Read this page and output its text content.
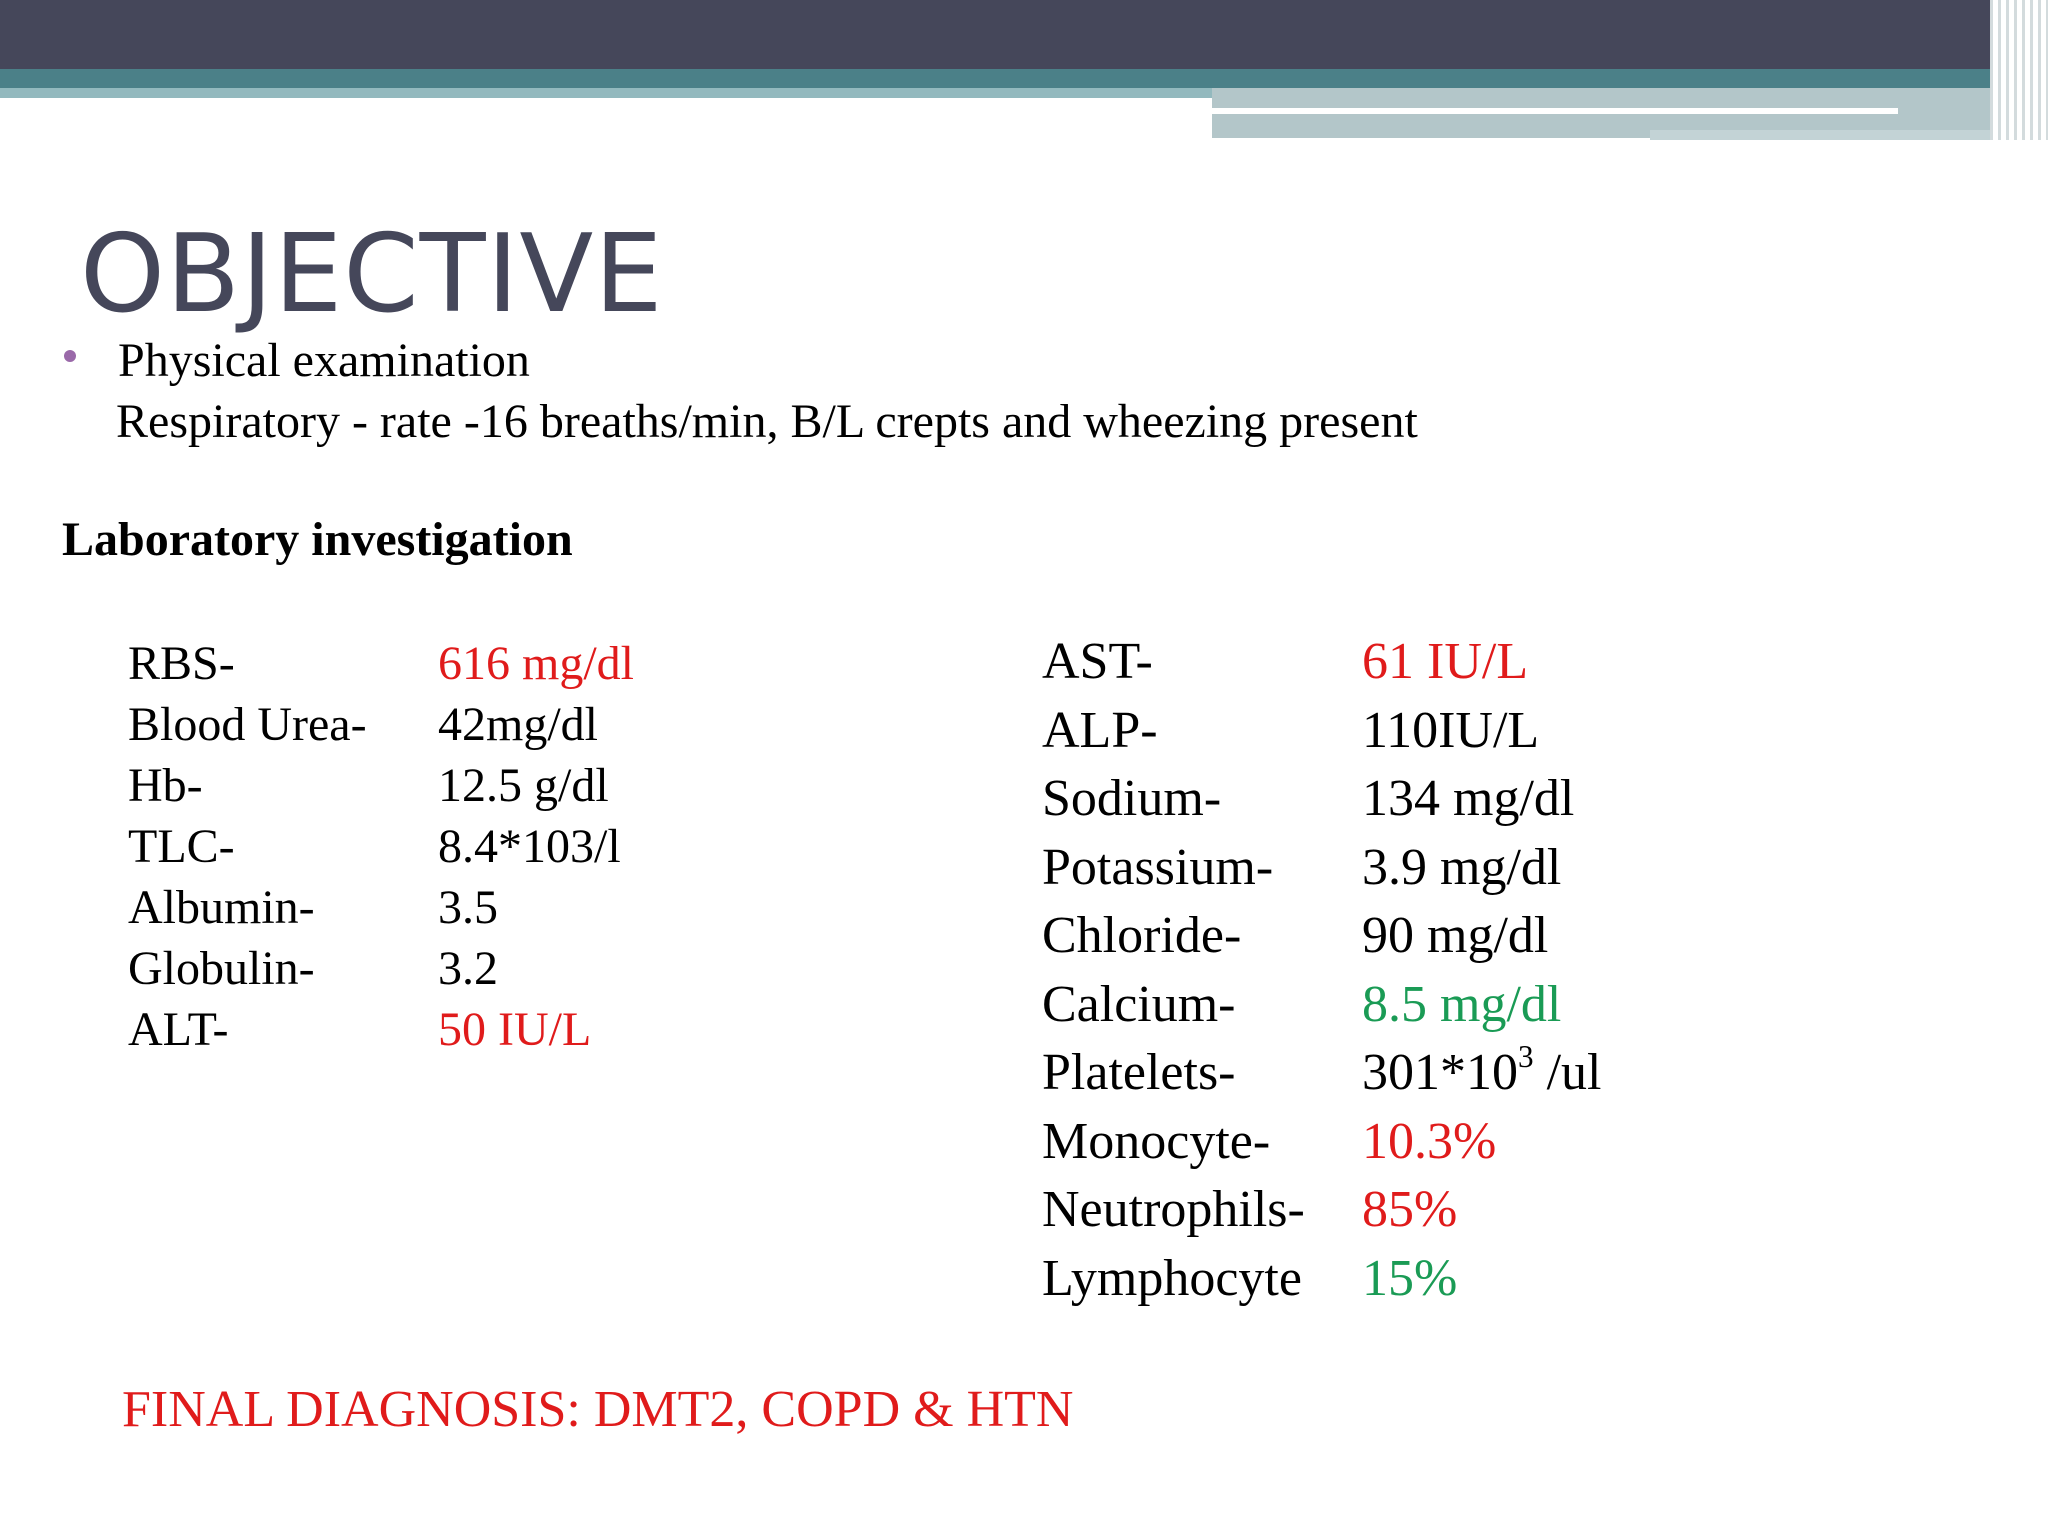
OBJECTIVE
Physical examination
Respiratory - rate -16 breaths/min, B/L crepts and wheezing present
Laboratory investigation
RBS-	616 mg/dl
Blood Urea-	42mg/dl
Hb-	12.5 g/dl
TLC-	8.4*103/l
Albumin-	3.5
Globulin-	3.2
ALT-	50 IU/L
AST-	61 IU/L
ALP-	110IU/L
Sodium-	134 mg/dl
Potassium-	3.9 mg/dl
Chloride-	90 mg/dl
Calcium-	8.5 mg/dl
Platelets-	$301*10^3$ /ul
Monocyte-	10.3%
Neutrophils-	85%
Lymphocyte	15%
FINAL DIAGNOSIS: DMT2, COPD & HTN
